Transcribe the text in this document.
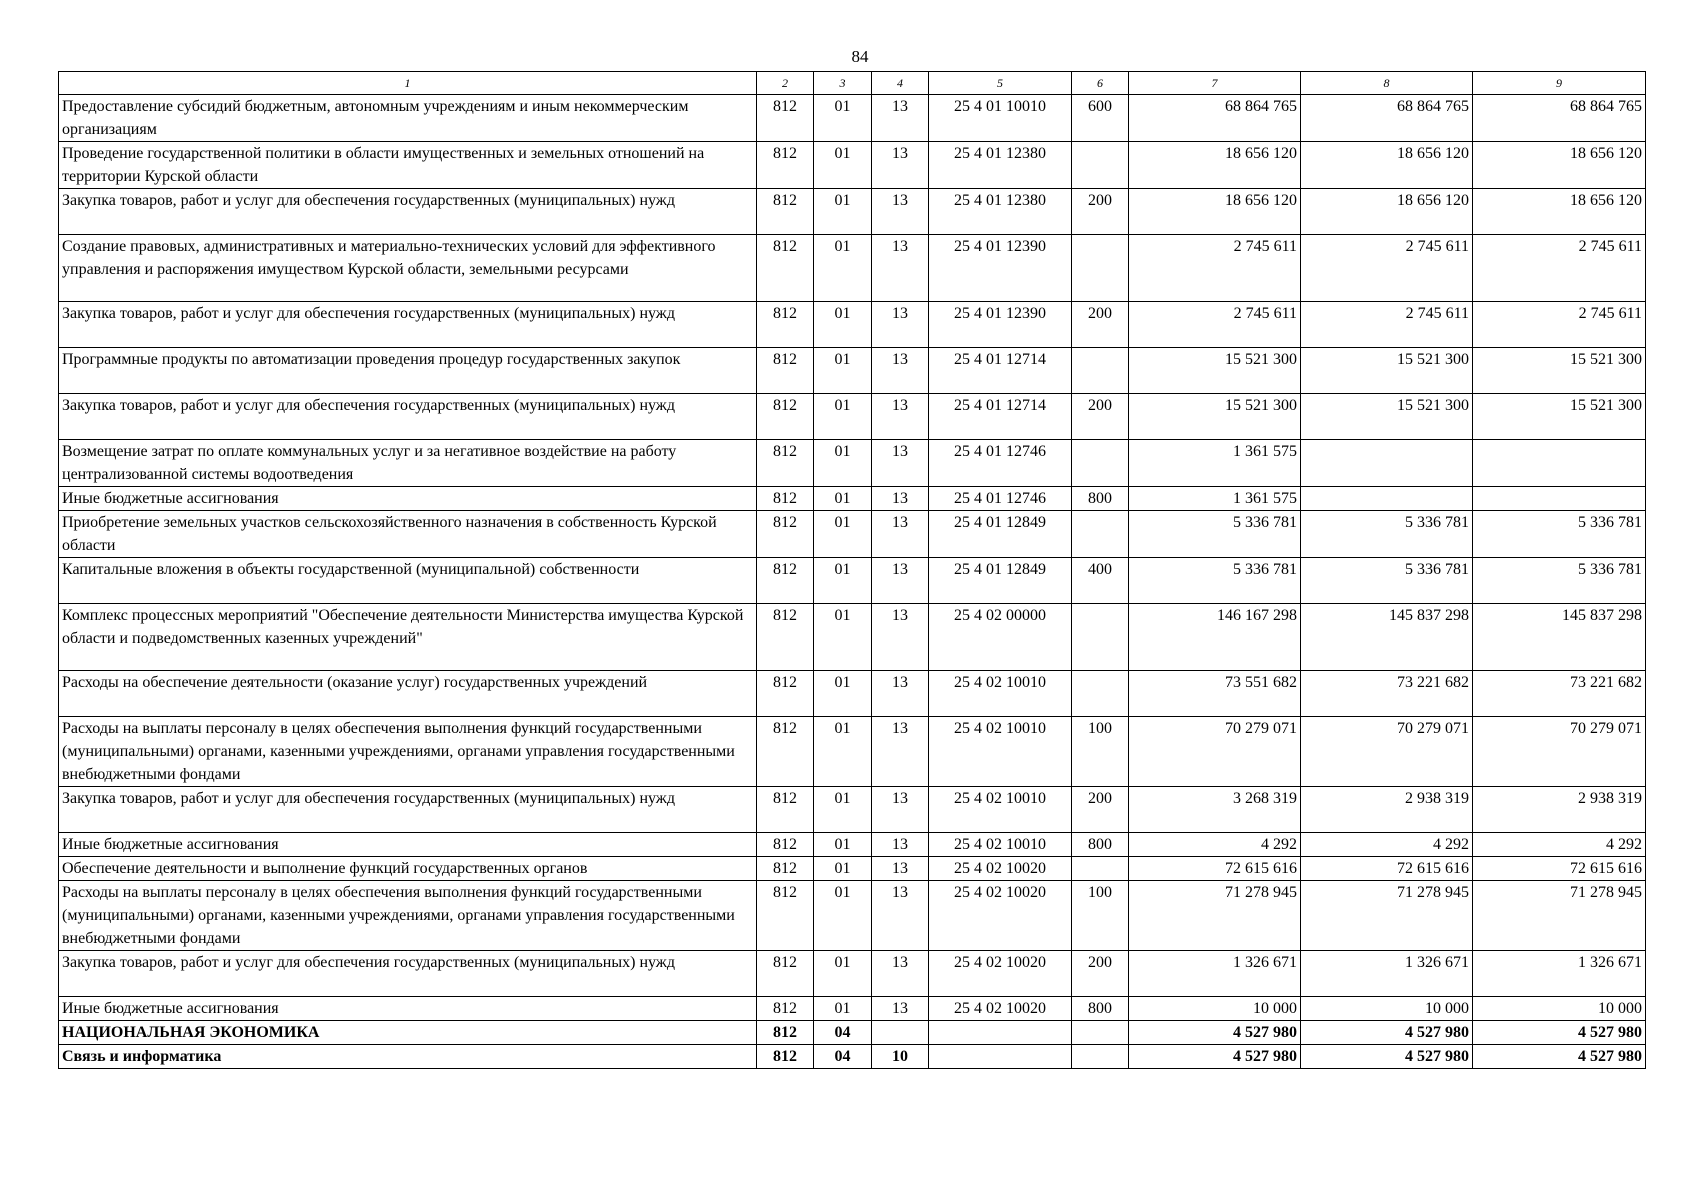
84
1	2	3	4	5	6	7	8	9
Предоставление субсидий бюджетным, автономным учреждениям и иным некоммерческим организациям	812	01	13	25 4 01 10010	600	68 864 765	68 864 765	68 864 765
Проведение государственной политики в области имущественных и земельных отношений на территории Курской области	812	01	13	25 4 01 12380		18 656 120	18 656 120	18 656 120
Закупка товаров, работ и услуг для обеспечения государственных (муниципальных) нужд	812	01	13	25 4 01 12380	200	18 656 120	18 656 120	18 656 120
Создание правовых, административных и материально-технических условий для эффективного управления и распоряжения имуществом Курской области, земельными ресурсами	812	01	13	25 4 01 12390		2 745 611	2 745 611	2 745 611
Закупка товаров, работ и услуг для обеспечения государственных (муниципальных) нужд	812	01	13	25 4 01 12390	200	2 745 611	2 745 611	2 745 611
Программные продукты по автоматизации проведения процедур государственных закупок	812	01	13	25 4 01 12714		15 521 300	15 521 300	15 521 300
Закупка товаров, работ и услуг для обеспечения государственных (муниципальных) нужд	812	01	13	25 4 01 12714	200	15 521 300	15 521 300	15 521 300
Возмещение затрат по оплате коммунальных услуг и за негативное воздействие на работу централизованной системы водоотведения	812	01	13	25 4 01 12746		1 361 575		
Иные бюджетные ассигнования	812	01	13	25 4 01 12746	800	1 361 575		
Приобретение земельных участков сельскохозяйственного назначения в собственность Курской области	812	01	13	25 4 01 12849		5 336 781	5 336 781	5 336 781
Капитальные вложения в объекты государственной (муниципальной) собственности	812	01	13	25 4 01 12849	400	5 336 781	5 336 781	5 336 781
Комплекс процессных мероприятий "Обеспечение деятельности Министерства имущества Курской области и подведомственных казенных учреждений"	812	01	13	25 4 02 00000		146 167 298	145 837 298	145 837 298
Расходы на обеспечение деятельности (оказание услуг) государственных учреждений	812	01	13	25 4 02 10010		73 551 682	73 221 682	73 221 682
Расходы на выплаты персоналу в целях обеспечения выполнения функций государственными (муниципальными) органами, казенными учреждениями, органами управления государственными внебюджетными фондами	812	01	13	25 4 02 10010	100	70 279 071	70 279 071	70 279 071
Закупка товаров, работ и услуг для обеспечения государственных (муниципальных) нужд	812	01	13	25 4 02 10010	200	3 268 319	2 938 319	2 938 319
Иные бюджетные ассигнования	812	01	13	25 4 02 10010	800	4 292	4 292	4 292
Обеспечение деятельности и выполнение функций государственных органов	812	01	13	25 4 02 10020		72 615 616	72 615 616	72 615 616
Расходы на выплаты персоналу в целях обеспечения выполнения функций государственными (муниципальными) органами, казенными учреждениями, органами управления государственными внебюджетными фондами	812	01	13	25 4 02 10020	100	71 278 945	71 278 945	71 278 945
Закупка товаров, работ и услуг для обеспечения государственных (муниципальных) нужд	812	01	13	25 4 02 10020	200	1 326 671	1 326 671	1 326 671
Иные бюджетные ассигнования	812	01	13	25 4 02 10020	800	10 000	10 000	10 000
НАЦИОНАЛЬНАЯ ЭКОНОМИКА	812	04				4 527 980	4 527 980	4 527 980
Связь и информатика	812	04	10			4 527 980	4 527 980	4 527 980
